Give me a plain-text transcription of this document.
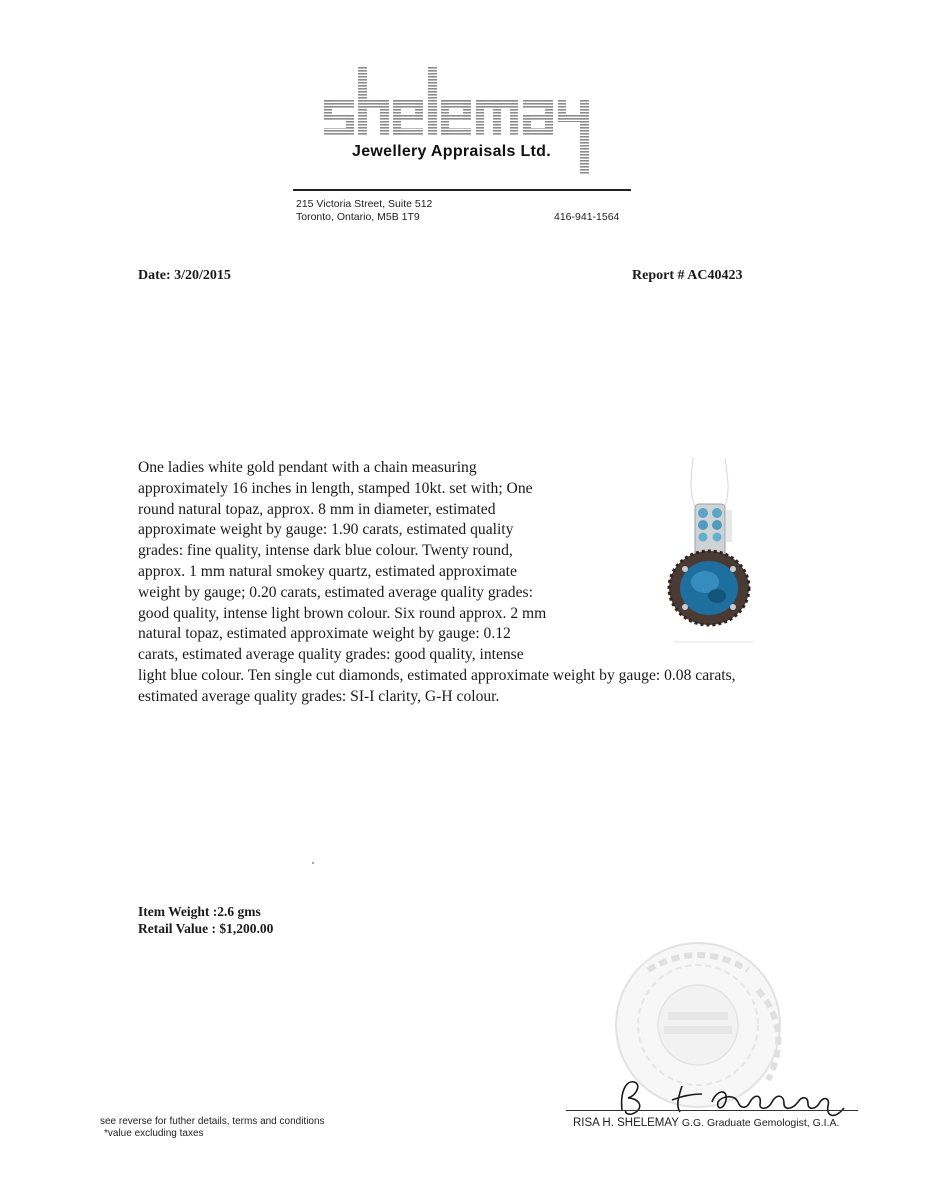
Jewellery Appraisals Ltd.
215 Victoria Street, Suite 512
Toronto, Ontario, M5B 1T9	416-941-1564
Date: 3/20/2015	Report # AC40423

One ladies white gold pendant with a chain measuring approximately 16 inches in length, stamped 10kt. set with; One round natural topaz, approx. 8 mm in diameter, estimated approximate weight by gauge: 1.90 carats, estimated quality grades: fine quality, intense dark blue colour. Twenty round, approx. 1 mm natural smokey quartz, estimated approximate weight by gauge; 0.20 carats, estimated average quality grades: good quality, intense light brown colour. Six round approx. 2 mm natural topaz, estimated approximate weight by gauge: 0.12 carats, estimated average quality grades: good quality, intense light blue colour. Ten single cut diamonds, estimated approximate weight by gauge: 0.08 carats, estimated average quality grades: SI-I clarity, G-H colour.

Item Weight :2.6 gms
Retail Value : $1,200.00
RISA H. SHELEMAY G.G. Graduate Gemologist, G.I.A.
see reverse for futher details, terms and conditions
*value excluding taxes
